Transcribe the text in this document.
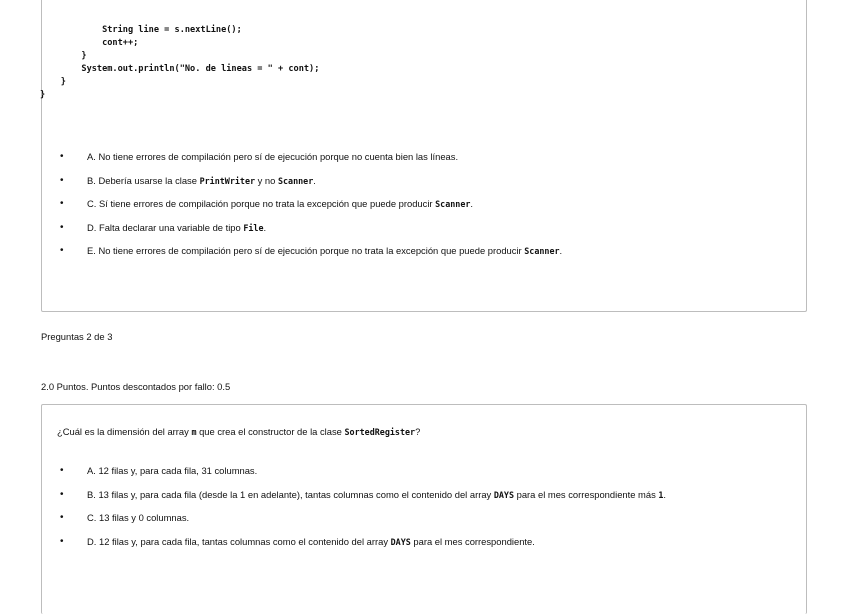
String line = s.nextLine();
cont++;
}
System.out.println("No. de lineas = " + cont);
}
}
• A. No tiene errores de compilación pero sí de ejecución porque no cuenta bien las líneas.
• B. Debería usarse la clase PrintWriter y no Scanner.
• C. Sí tiene errores de compilación porque no trata la excepción que puede producir Scanner.
• D. Falta declarar una variable de tipo File.
• E. No tiene errores de compilación pero sí de ejecución porque no trata la excepción que puede producir Scanner.
Preguntas 2 de 3
2.0 Puntos. Puntos descontados por fallo: 0.5
¿Cuál es la dimensión del array m que crea el constructor de la clase SortedRegister?
• A. 12 filas y, para cada fila, 31 columnas.
• B. 13 filas y, para cada fila (desde la 1 en adelante), tantas columnas como el contenido del array DAYS para el mes correspondiente más 1.
• C. 13 filas y 0 columnas.
• D. 12 filas y, para cada fila, tantas columnas como el contenido del array DAYS para el mes correspondiente.
